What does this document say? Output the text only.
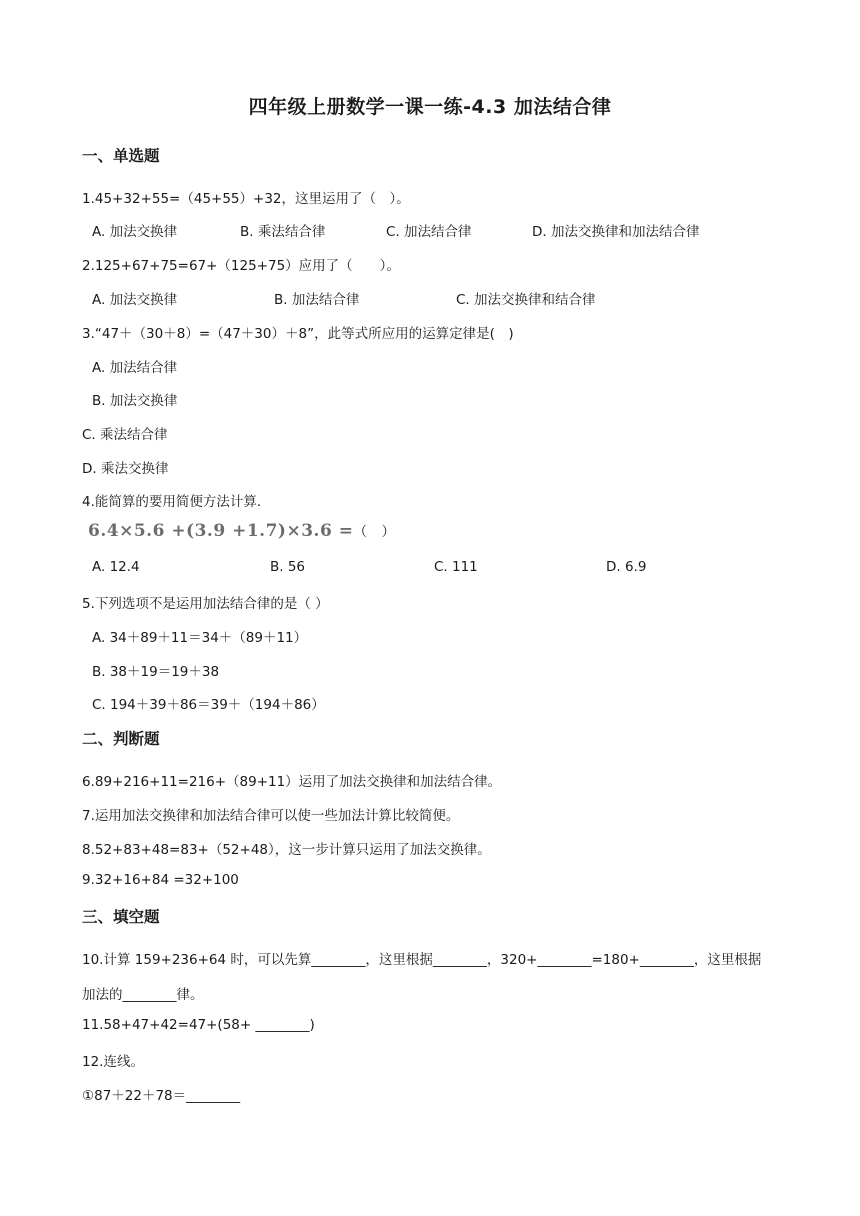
四年级上册数学一课一练-4.3 加法结合律
一、单选题
1.45+32+55=（45+55）+32，这里运用了（　）。
A. 加法交换律	B. 乘法结合律	C. 加法结合律	D. 加法交换律和加法结合律
2.125+67+75=67+（125+75）应用了（　　）。
A. 加法交换律	B. 加法结合律	C. 加法交换律和结合律
3.“47＋（30＋8）=（47＋30）＋8”，此等式所应用的运算定律是(　)
A. 加法结合律
B. 加法交换律
C. 乘法结合律
D. 乘法交换律
4.能简算的要用简便方法计算.
6.4×5.6 +(3.9 +1.7)×3.6 =（　）
A. 12.4	B. 56	C. 111	D. 6.9
5.下列选项不是运用加法结合律的是（ ）
A. 34＋89＋11＝34＋（89＋11）
B. 38＋19＝19＋38
C. 194＋39＋86＝39＋（194＋86）
二、判断题
6.89+216+11=216+（89+11）运用了加法交换律和加法结合律。
7.运用加法交换律和加法结合律可以使一些加法计算比较简便。
8.52+83+48=83+（52+48），这一步计算只运用了加法交换律。
9.32+16+84 =32+100
三、填空题
10.计算 159+236+64 时，可以先算________，这里根据________，320+________=180+________，这里根据
加法的________律。
11.58+47+42=47+(58+ ________)
12.连线。
①87＋22＋78＝________
